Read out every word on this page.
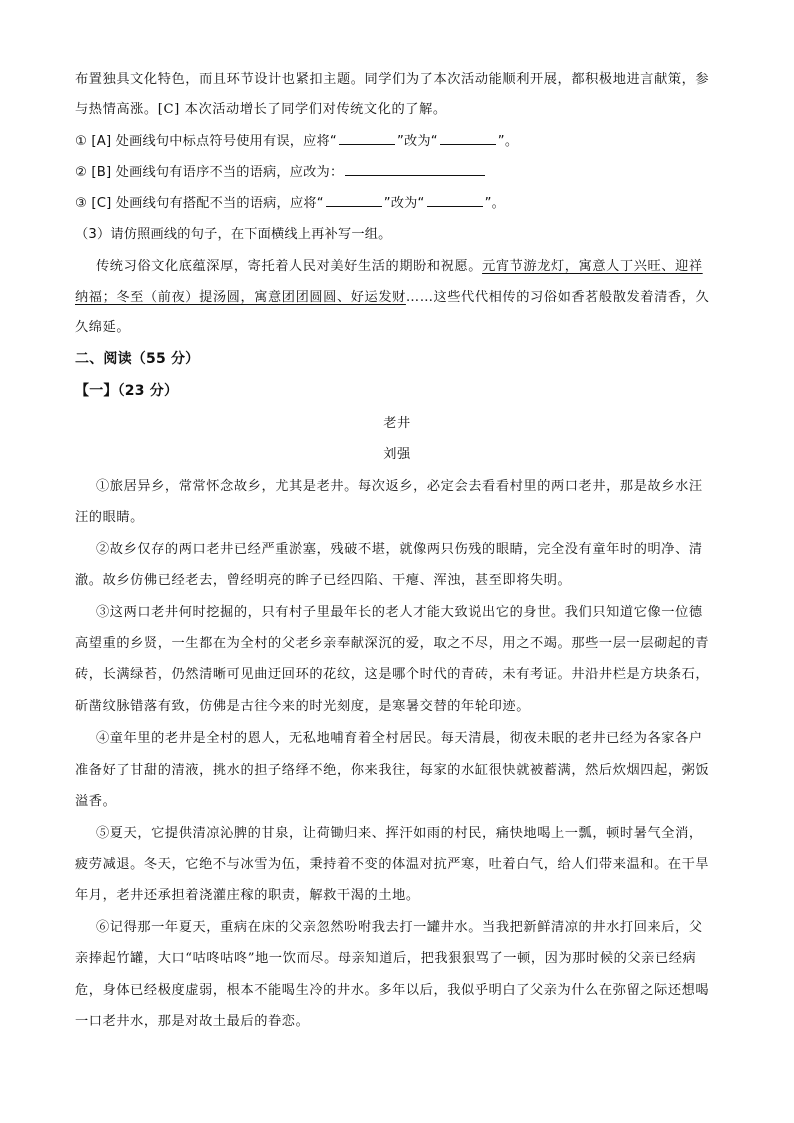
布置独具文化特色，而且环节设计也紧扣主题。同学们为了本次活动能顺利开展，都积极地进言献策，参
与热情高涨。[C] 本次活动增长了同学们对传统文化的了解。
① [A] 处画线句中标点符号使用有误，应将“	”改为“	”。
② [B] 处画线句有语序不当的语病，应改为：
③ [C] 处画线句有搭配不当的语病，应将“	”改为“	”。
（3）请仿照画线的句子，在下面横线上再补写一组。
传统习俗文化底蕴深厚，寄托着人民对美好生活的期盼和祝愿。元宵节游龙灯，寓意人丁兴旺、迎祥
纳福；冬至（前夜）提汤圆，寓意团团圆圆、好运发财……这些代代相传的习俗如香茗般散发着清香，久
久绵延。
二、阅读（55 分）
【一】（23 分）
老井
刘强
①旅居异乡，常常怀念故乡，尤其是老井。每次返乡，必定会去看看村里的两口老井，那是故乡水汪
汪的眼睛。
②故乡仅存的两口老井已经严重淤塞，残破不堪，就像两只伤残的眼睛，完全没有童年时的明净、清
澈。故乡仿佛已经老去，曾经明亮的眸子已经四陷、干瘪、浑浊，甚至即将失明。
③这两口老井何时挖掘的，只有村子里最年长的老人才能大致说出它的身世。我们只知道它像一位德
高望重的乡贤，一生都在为全村的父老乡亲奉献深沉的爱，取之不尽，用之不竭。那些一层一层砌起的青
砖，长满绿苔，仍然清晰可见曲迂回环的花纹，这是哪个时代的青砖，未有考证。井沿井栏是方块条石，
斫凿纹脉错落有致，仿佛是古往今来的时光刻度，是寒暑交替的年轮印迹。
④童年里的老井是全村的恩人，无私地哺育着全村居民。每天清晨，彻夜未眠的老井已经为各家各户
准备好了甘甜的清液，挑水的担子络绎不绝，你来我往，每家的水缸很快就被蓄满，然后炊烟四起，粥饭
溢香。
⑤夏天，它提供清凉沁脾的甘泉，让荷锄归来、挥汗如雨的村民，痛快地喝上一瓢，顿时暑气全消，
疲劳减退。冬天，它绝不与冰雪为伍，秉持着不变的体温对抗严寒，吐着白气，给人们带来温和。在干旱
年月，老井还承担着浇灌庄稼的职责，解救干渴的土地。
⑥记得那一年夏天，重病在床的父亲忽然吩咐我去打一罐井水。当我把新鲜清凉的井水打回来后，父
亲捧起竹罐，大口“咕咚咕咚”地一饮而尽。母亲知道后，把我狠狠骂了一顿，因为那时候的父亲已经病
危，身体已经极度虚弱，根本不能喝生冷的井水。多年以后，我似乎明白了父亲为什么在弥留之际还想喝
一口老井水，那是对故土最后的眷恋。
